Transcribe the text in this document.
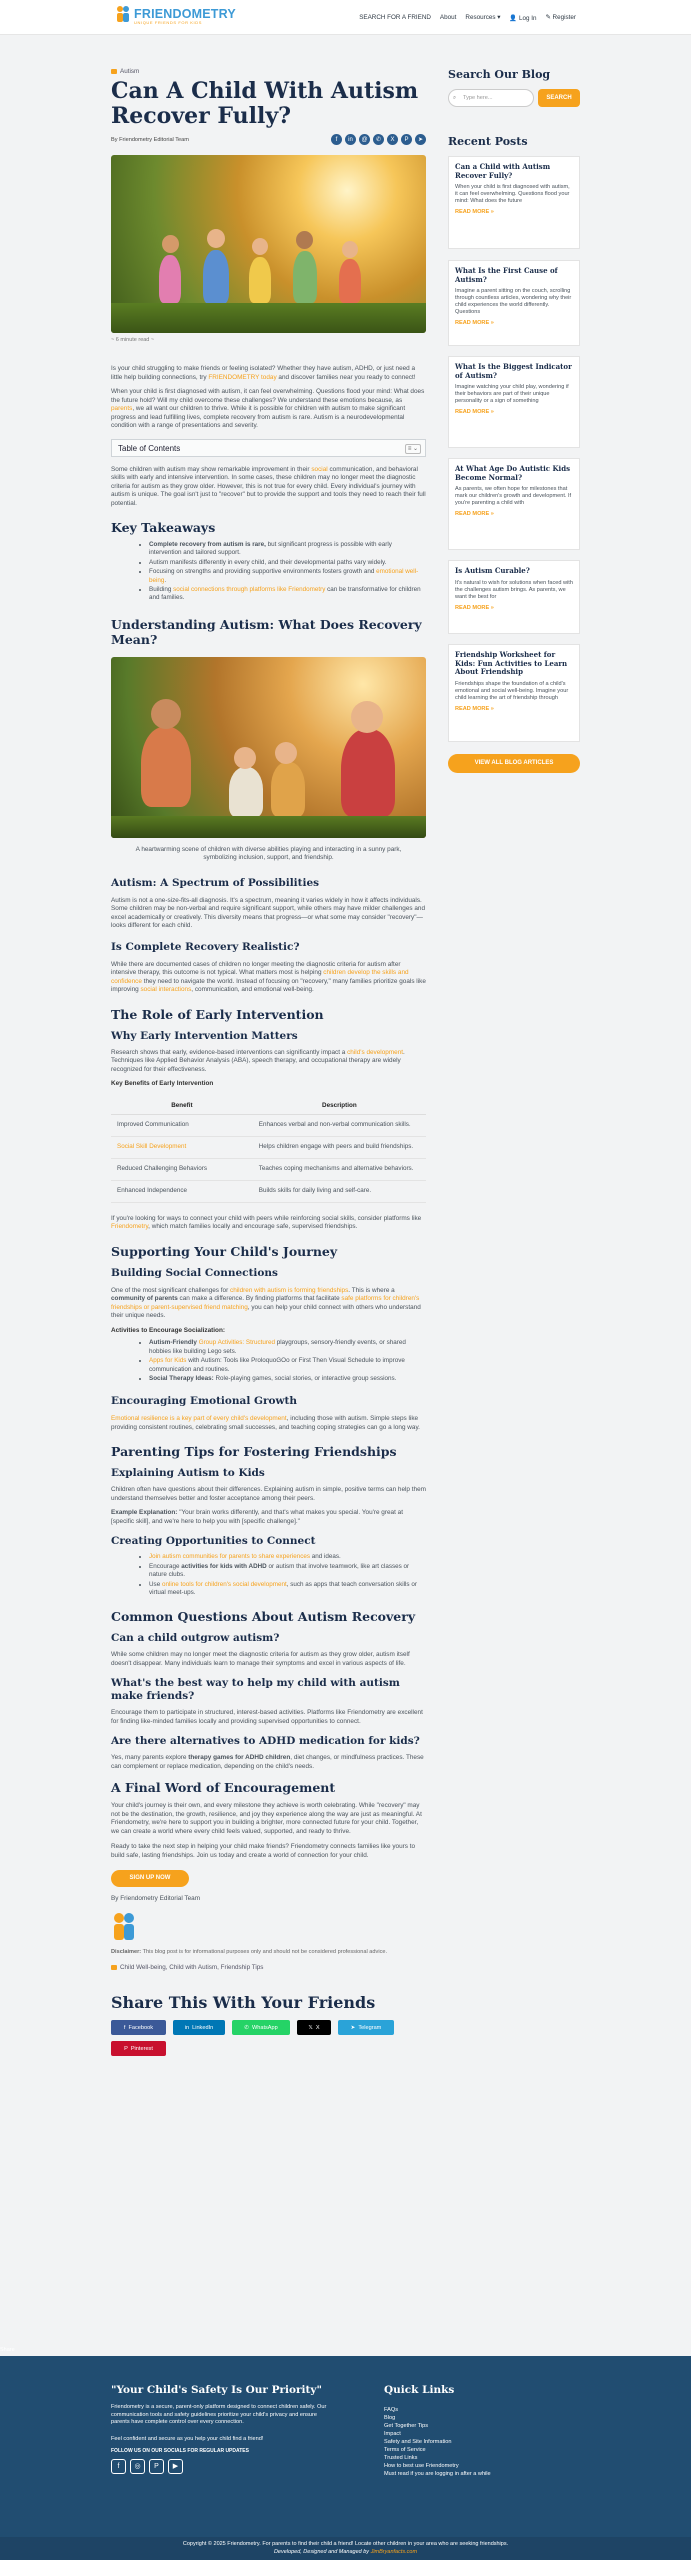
FRIENDOMETRY
UNIQUE FRIENDS FOR KIDS
SEARCH FOR A FRIEND About Resources ▾ 👤 Log In ✎ Register
Share
Autism
Can A Child With Autism Recover Fully?
By Friendometry Editorial Team	f	in	@	✆	X	P	➤
~ 6 minute read ~

Is your child struggling to make friends or feeling isolated? Whether they have autism, ADHD, or just need a little help building connections, try FRIENDOMETRY today and discover families near you ready to connect!

When your child is first diagnosed with autism, it can feel overwhelming. Questions flood your mind: What does the future hold? Will my child overcome these challenges? We understand these emotions because, as parents, we all want our children to thrive. While it is possible for children with autism to make significant progress and lead fulfilling lives, complete recovery from autism is rare. Autism is a neurodevelopmental condition with a range of presentations and severity.

Table of Contents	≡ ⌄

Some children with autism may show remarkable improvement in their social communication, and behavioral skills with early and intensive intervention. In some cases, these children may no longer meet the diagnostic criteria for autism as they grow older. However, this is not true for every child. Every individual's journey with autism is unique. The goal isn't just to "recover" but to provide the support and tools they need to reach their full potential.

Key Takeaways
• Complete recovery from autism is rare, but significant progress is possible with early intervention and tailored support.
• Autism manifests differently in every child, and their developmental paths vary widely.
• Focusing on strengths and providing supportive environments fosters growth and emotional well-being.
• Building social connections through platforms like Friendometry can be transformative for children and families.
Understanding Autism: What Does Recovery Mean?

A heartwarming scene of children with diverse abilities playing and interacting in a sunny park, symbolizing inclusion, support, and friendship.

Autism: A Spectrum of Possibilities

Autism is not a one-size-fits-all diagnosis. It's a spectrum, meaning it varies widely in how it affects individuals. Some children may be non-verbal and require significant support, while others may have milder challenges and excel academically or creatively. This diversity means that progress—or what some may consider "recovery"—looks different for each child.

Is Complete Recovery Realistic?

While there are documented cases of children no longer meeting the diagnostic criteria for autism after intensive therapy, this outcome is not typical. What matters most is helping children develop the skills and confidence they need to navigate the world. Instead of focusing on "recovery," many families prioritize goals like improving social interactions, communication, and emotional well-being.

The Role of Early Intervention
Why Early Intervention Matters

Research shows that early, evidence-based interventions can significantly impact a child's development. Techniques like Applied Behavior Analysis (ABA), speech therapy, and occupational therapy are widely recognized for their effectiveness.

Key Benefits of Early Intervention

Benefit	Description
Improved Communication	Enhances verbal and non-verbal communication skills.
Social Skill Development	Helps children engage with peers and build friendships.
Reduced Challenging Behaviors	Teaches coping mechanisms and alternative behaviors.
Enhanced Independence	Builds skills for daily living and self-care.

If you're looking for ways to connect your child with peers while reinforcing social skills, consider platforms like Friendometry, which match families locally and encourage safe, supervised friendships.

Supporting Your Child's Journey
Building Social Connections

One of the most significant challenges for children with autism is forming friendships. This is where a community of parents can make a difference. By finding platforms that facilitate safe platforms for children's friendships or parent-supervised friend matching, you can help your child connect with others who understand their unique needs.

Activities to Encourage Socialization:

• Autism-Friendly Group Activities: Structured playgroups, sensory-friendly events, or shared hobbies like building Lego sets.
• Apps for Kids with Autism: Tools like ProloquoGOo or First Then Visual Schedule to improve communication and routines.
• Social Therapy Ideas: Role-playing games, social stories, or interactive group sessions.
Encouraging Emotional Growth

Emotional resilience is a key part of every child's development, including those with autism. Simple steps like providing consistent routines, celebrating small successes, and teaching coping strategies can go a long way.

Parenting Tips for Fostering Friendships
Explaining Autism to Kids

Children often have questions about their differences. Explaining autism in simple, positive terms can help them understand themselves better and foster acceptance among their peers.

Example Explanation: "Your brain works differently, and that's what makes you special. You're great at [specific skill], and we're here to help you with [specific challenge]."

Creating Opportunities to Connect
• Join autism communities for parents to share experiences and ideas.
• Encourage activities for kids with ADHD or autism that involve teamwork, like art classes or nature clubs.
• Use online tools for children's social development, such as apps that teach conversation skills or virtual meet-ups.
Common Questions About Autism Recovery
Can a child outgrow autism?

While some children may no longer meet the diagnostic criteria for autism as they grow older, autism itself doesn't disappear. Many individuals learn to manage their symptoms and excel in various aspects of life.

What's the best way to help my child with autism make friends?

Encourage them to participate in structured, interest-based activities. Platforms like Friendometry are excellent for finding like-minded families locally and providing supervised opportunities to connect.

Are there alternatives to ADHD medication for kids?

Yes, many parents explore therapy games for ADHD children, diet changes, or mindfulness practices. These can complement or replace medication, depending on the child's needs.

A Final Word of Encouragement

Your child's journey is their own, and every milestone they achieve is worth celebrating. While "recovery" may not be the destination, the growth, resilience, and joy they experience along the way are just as meaningful. At Friendometry, we're here to support you in building a brighter, more connected future for your child. Together, we can create a world where every child feels valued, supported, and ready to thrive.

Ready to take the next step in helping your child make friends? Friendometry connects families like yours to build safe, lasting friendships. Join us today and create a world of connection for your child.

SIGN UP NOW

By Friendometry Editorial Team

Disclaimer: This blog post is for informational purposes only and should not be considered professional advice.

Child Well-being, Child with Autism, Friendship Tips
Share This With Your Friends
f Facebook	in LinkedIn	✆ WhatsApp	𝕏 X	➤ Telegram
P Pinterest
Search Our Blog
⌕ Type here...	SEARCH
Recent Posts
Can a Child with Autism Recover Fully?

When your child is first diagnosed with autism, it can feel overwhelming. Questions flood your mind: What does the future

READ MORE »
What Is the First Cause of Autism?

Imagine a parent sitting on the couch, scrolling through countless articles, wondering why their child experiences the world differently. Questions

READ MORE »
What Is the Biggest Indicator of Autism?

Imagine watching your child play, wondering if their behaviors are part of their unique personality or a sign of something

READ MORE »
At What Age Do Autistic Kids Become Normal?

As parents, we often hope for milestones that mark our children's growth and development. If you're parenting a child with

READ MORE »
Is Autism Curable?

It's natural to wish for solutions when faced with the challenges autism brings. As parents, we want the best for

READ MORE »
Friendship Worksheet for Kids: Fun Activities to Learn About Friendship

Friendships shape the foundation of a child's emotional and social well-being. Imagine your child learning the art of friendship through

READ MORE »
VIEW ALL BLOG ARTICLES
"Your Child's Safety Is Our Priority"

Friendometry is a secure, parent-only platform designed to connect children safely. Our communication tools and safety guidelines prioritize your child's privacy and ensure parents have complete control over every connection.

Feel confident and secure as you help your child find a friend!

FOLLOW US ON OUR SOCIALS FOR REGULAR UPDATES

f	◎	P	▶
Quick Links
FAQs
Blog
Get Together Tips
Impact
Safety and Site Information
Terms of Service
Trusted Links
How to best use Friendometry
Must read if you are logging in after a while
Copyright © 2025 Friendometry. For parents to find their child a friend! Locate other children in your area who are seeking friendships.
Developed, Designed and Managed by JimBryanfacts.com
